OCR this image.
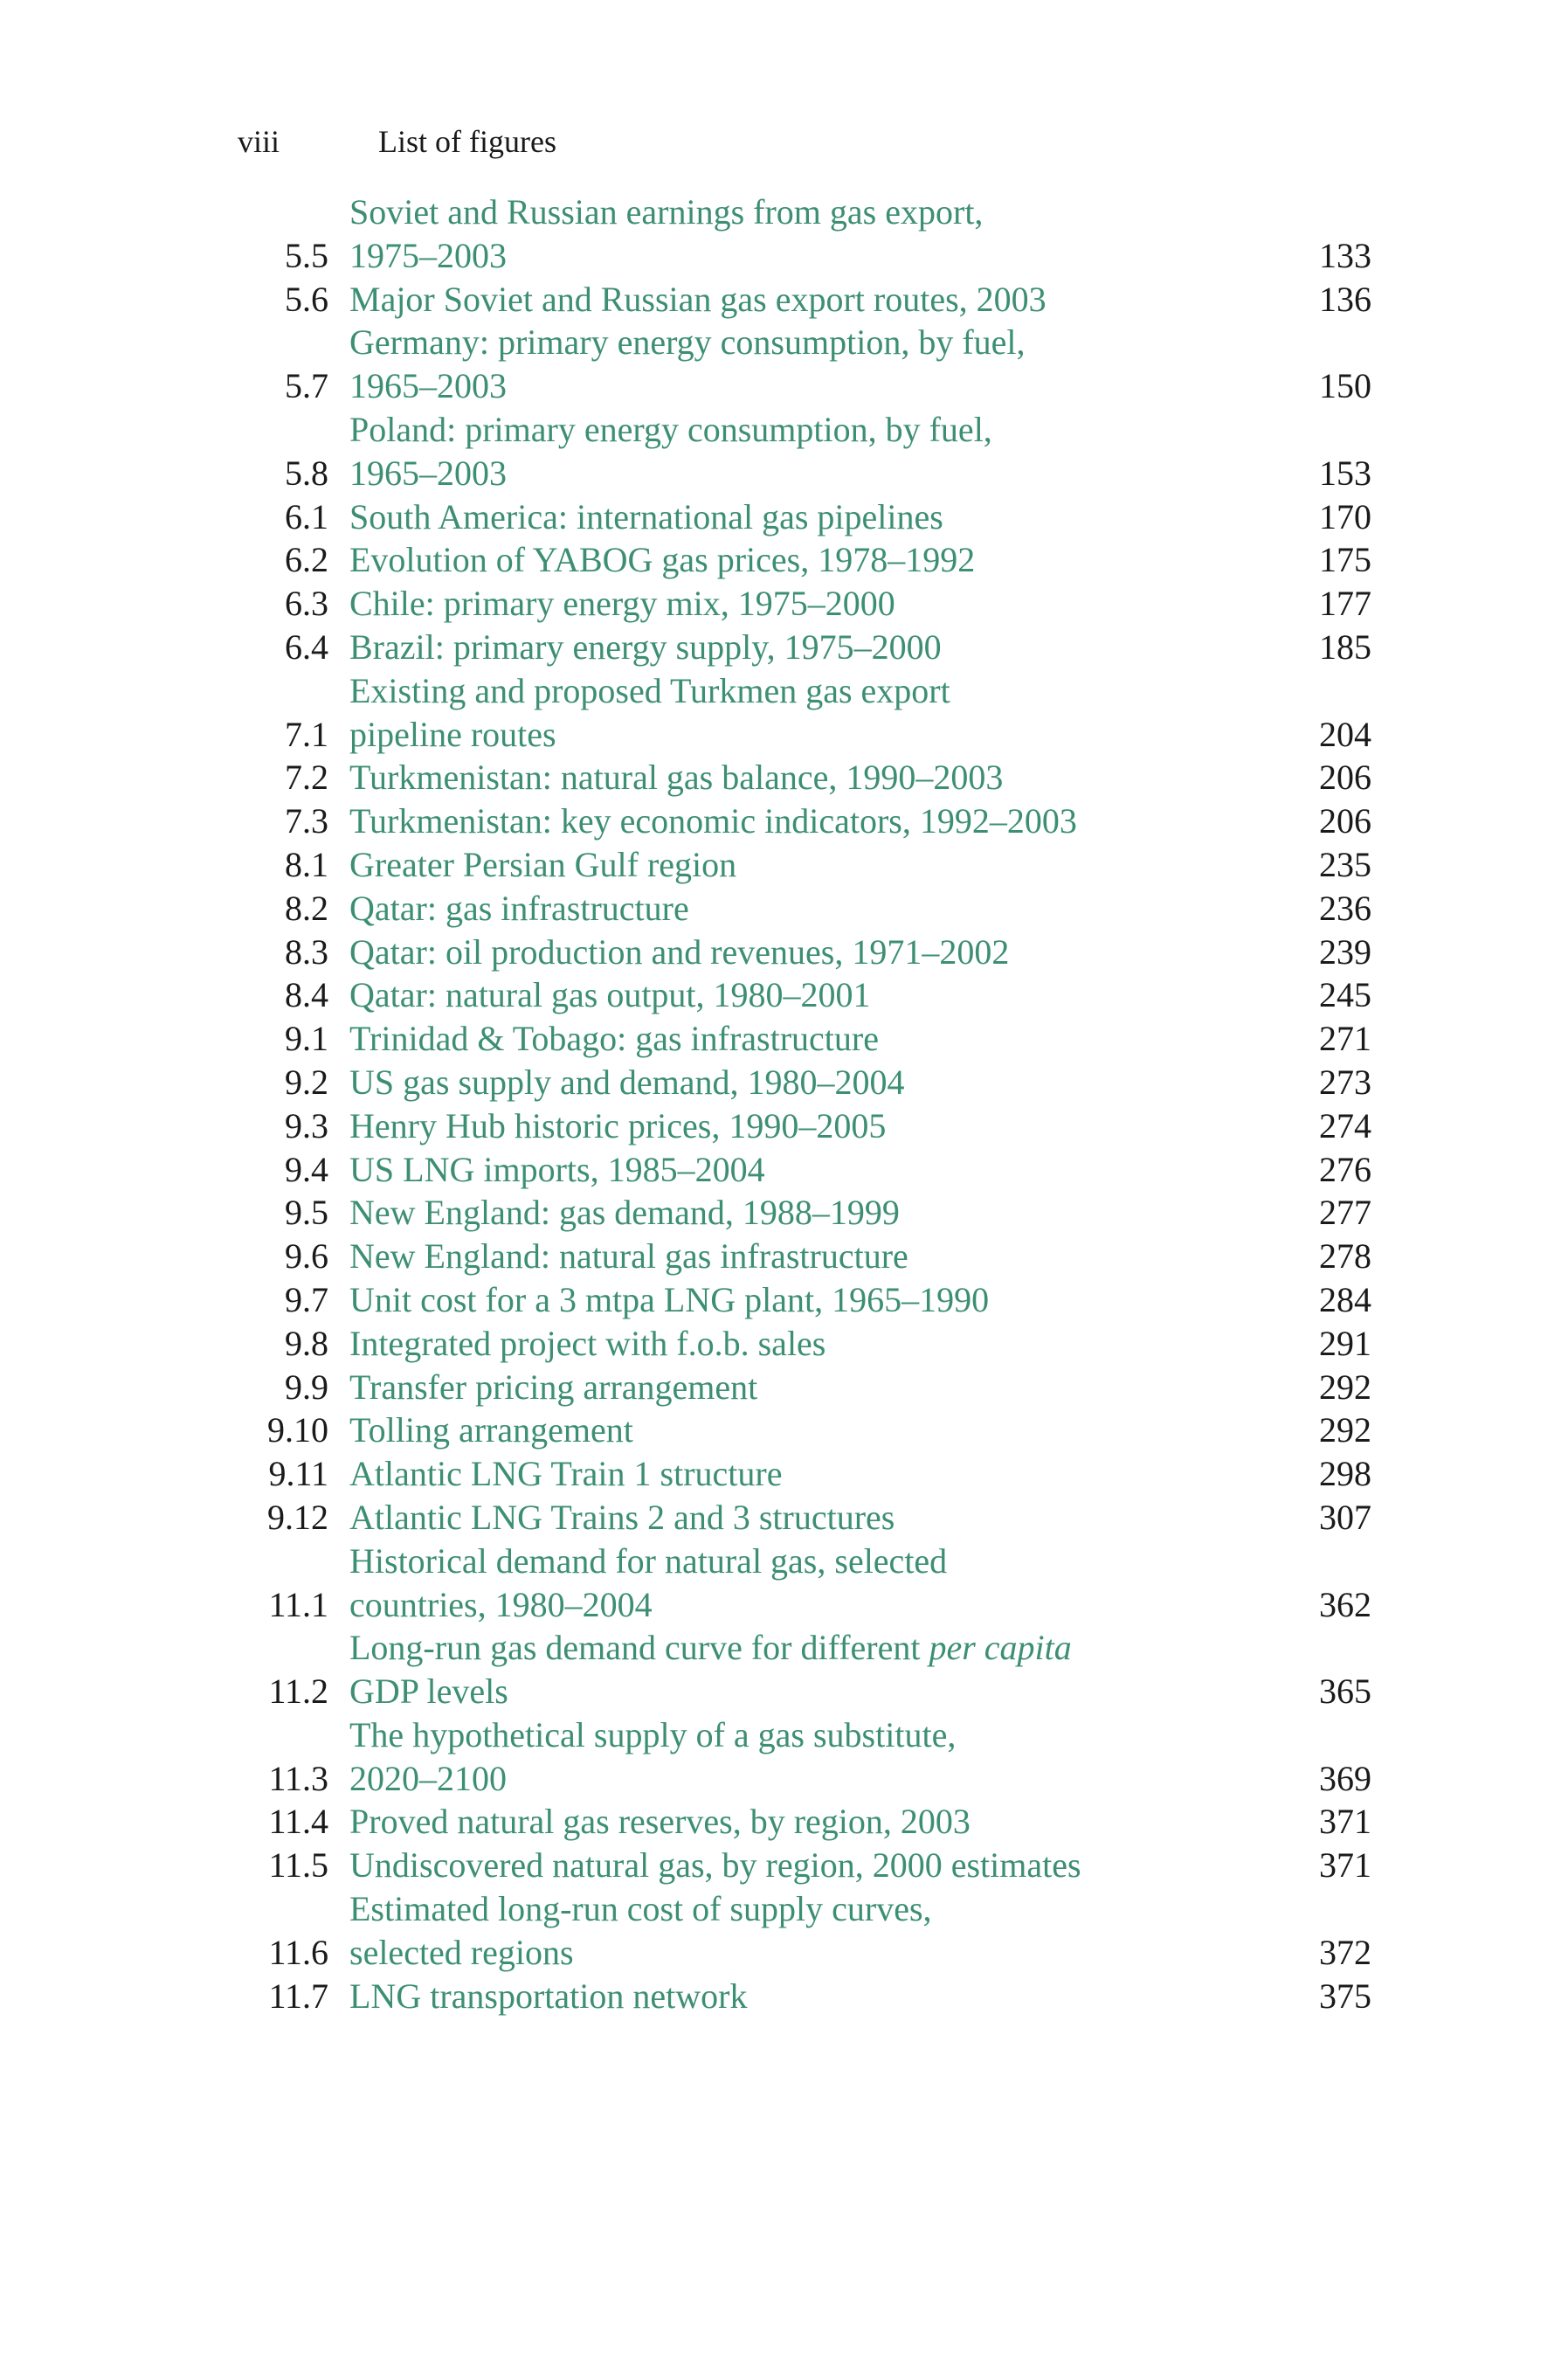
viii	List of figures
5.5
Soviet and Russian earnings from gas export,
1975–2003	133
5.6 Major Soviet and Russian gas export routes, 2003	136
5.7
Germany: primary energy consumption, by fuel,
1965–2003	150
5.8
Poland: primary energy consumption, by fuel,
1965–2003	153
6.1 South America: international gas pipelines	170
6.2 Evolution of YABOG gas prices, 1978–1992	175
6.3 Chile: primary energy mix, 1975–2000	177
6.4 Brazil: primary energy supply, 1975–2000	185
7.1
Existing and proposed Turkmen gas export
pipeline routes	204
7.2 Turkmenistan: natural gas balance, 1990–2003	206
7.3 Turkmenistan: key economic indicators, 1992–2003	206
8.1 Greater Persian Gulf region	235
8.2 Qatar: gas infrastructure	236
8.3 Qatar: oil production and revenues, 1971–2002	239
8.4 Qatar: natural gas output, 1980–2001	245
9.1 Trinidad & Tobago: gas infrastructure	271
9.2 US gas supply and demand, 1980–2004	273
9.3 Henry Hub historic prices, 1990–2005	274
9.4 US LNG imports, 1985–2004	276
9.5 New England: gas demand, 1988–1999	277
9.6 New England: natural gas infrastructure	278
9.7 Unit cost for a 3 mtpa LNG plant, 1965–1990	284
9.8 Integrated project with f.o.b. sales	291
9.9 Transfer pricing arrangement	292
9.10 Tolling arrangement	292
9.11 Atlantic LNG Train 1 structure	298
9.12 Atlantic LNG Trains 2 and 3 structures	307
11.1
Historical demand for natural gas, selected
countries, 1980–2004	362
11.2
Long-run gas demand curve for different per capita
GDP levels	365
11.3
The hypothetical supply of a gas substitute,
2020–2100	369
11.4 Proved natural gas reserves, by region, 2003	371
11.5 Undiscovered natural gas, by region, 2000 estimates	371
11.6
Estimated long-run cost of supply curves,
selected regions	372
11.7 LNG transportation network	375
